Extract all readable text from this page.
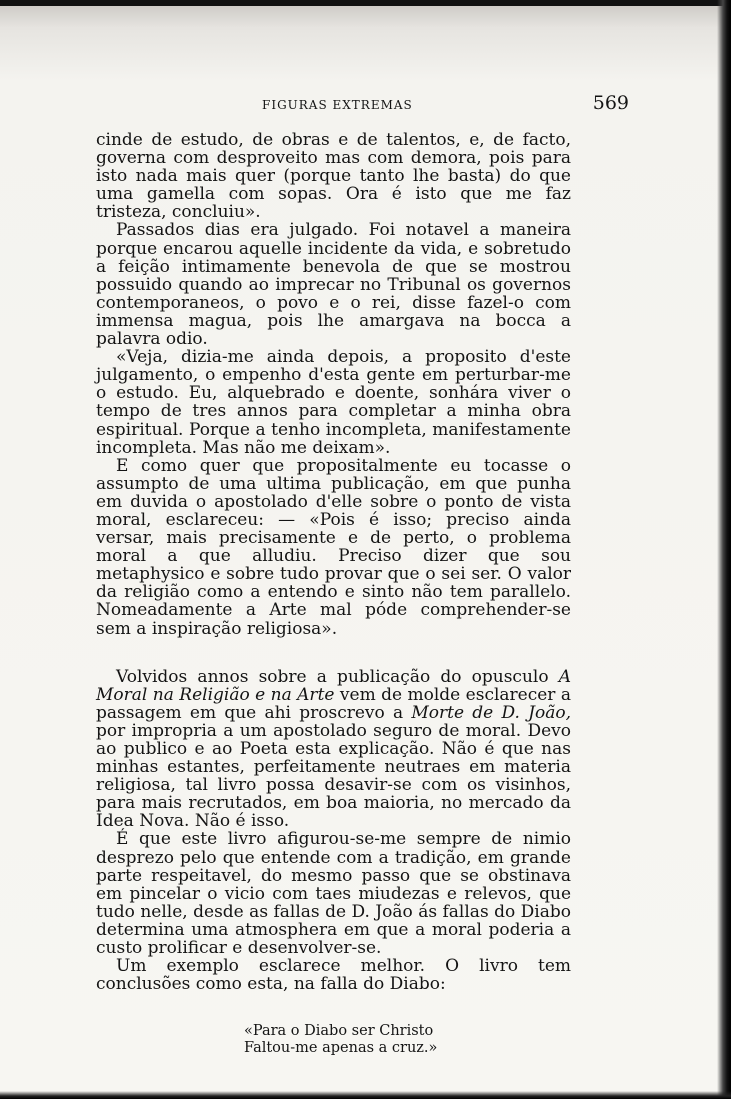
FIGURAS EXTREMAS	569

cinde de estudo, de obras e de talentos, e, de facto, governa com desproveito mas com demora, pois para isto nada mais quer (porque tanto lhe basta) do que uma gamella com sopas. Ora é isto que me faz tristeza, concluiu».

Passados dias era julgado. Foi notavel a maneira porque encarou aquelle incidente da vida, e sobretudo a feição intimamente benevola de que se mostrou possuido quando ao imprecar no Tribunal os governos contemporaneos, o povo e o rei, disse fazel-o com immensa magua, pois lhe amargava na bocca a palavra odio.

«Veja, dizia-me ainda depois, a proposito d'este julgamento, o empenho d'esta gente em perturbar-me o estudo. Eu, alquebrado e doente, sonhára viver o tempo de tres annos para completar a minha obra espiritual. Porque a tenho incompleta, manifestamente incompleta. Mas não me deixam».

E como quer que propositalmente eu tocasse o assumpto de uma ultima publicação, em que punha em duvida o apostolado d'elle sobre o ponto de vista moral, esclareceu: — «Pois é isso; preciso ainda versar, mais precisamente e de perto, o problema moral a que alludiu. Preciso dizer que sou metaphysico e sobre tudo provar que o sei ser. O valor da religião como a entendo e sinto não tem parallelo. Nomeadamente a Arte mal póde comprehender-se sem a inspiração religiosa».

Volvidos annos sobre a publicação do opusculo A Moral na Religião e na Arte vem de molde esclarecer a passagem em que ahi proscrevo a Morte de D. João, por impropria a um apostolado seguro de moral. Devo ao publico e ao Poeta esta explicação. Não é que nas minhas estantes, perfeitamente neutraes em materia religiosa, tal livro possa desavir-se com os visinhos, para mais recrutados, em boa maioria, no mercado da Idea Nova. Não é isso.

É que este livro afigurou-se-me sempre de nimio desprezo pelo que entende com a tradição, em grande parte respeitavel, do mesmo passo que se obstinava em pincelar o vicio com taes miudezas e relevos, que tudo nelle, desde as fallas de D. João ás fallas do Diabo determina uma atmosphera em que a moral poderia a custo prolificar e desenvolver-se.

Um exemplo esclarece melhor. O livro tem conclusões como esta, na falla do Diabo:

«Para o Diabo ser Christo
Faltou-me apenas a cruz.»
